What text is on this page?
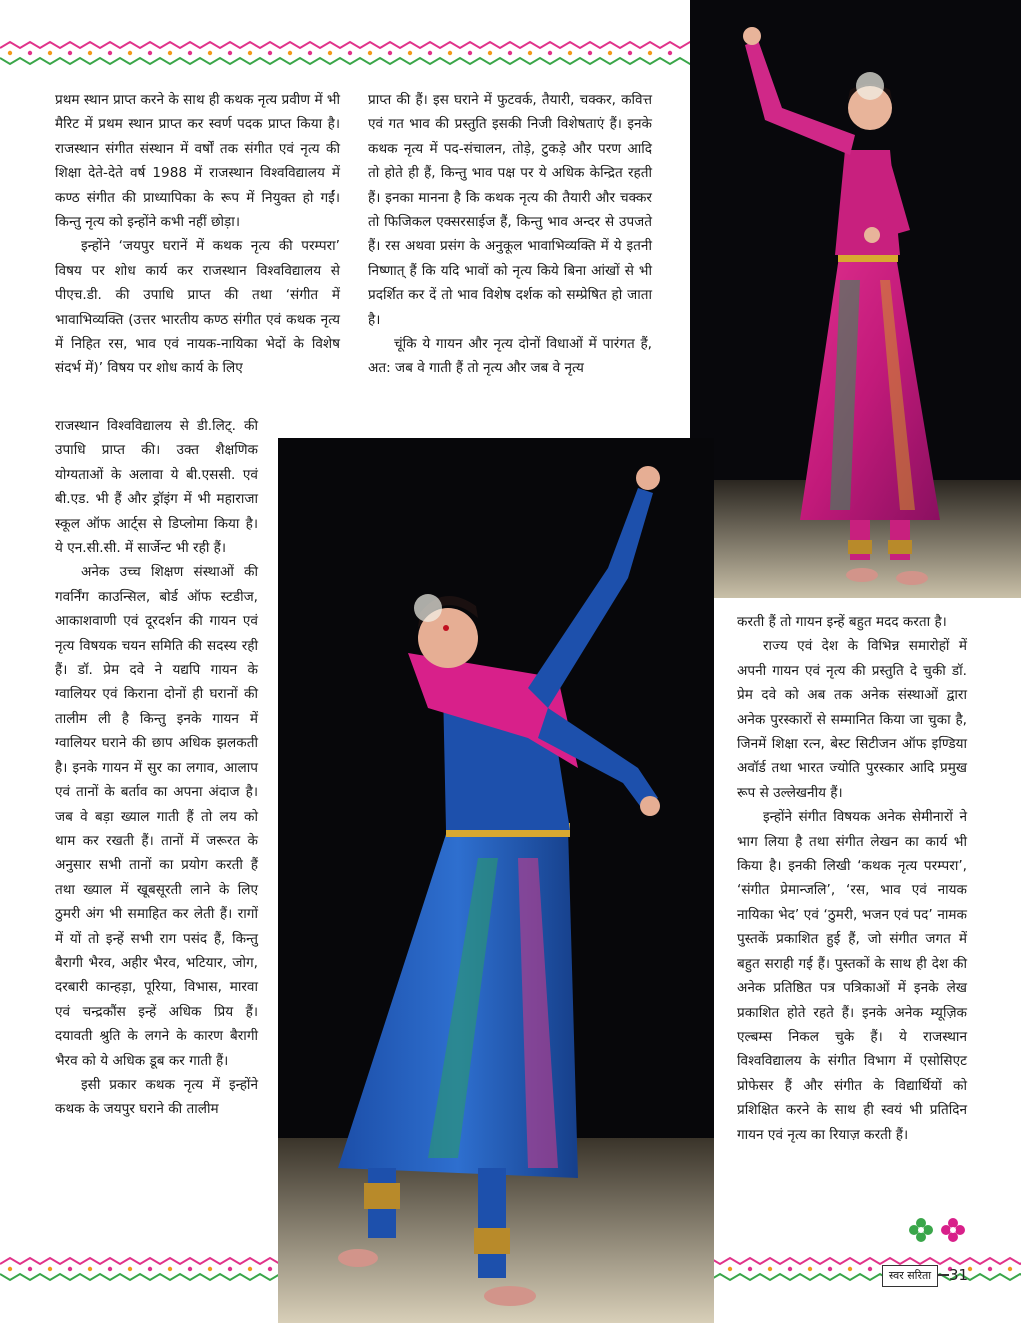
प्रथम स्थान प्राप्त करने के साथ ही कथक नृत्य प्रवीण में भी मैरिट में प्रथम स्थान प्राप्त कर स्वर्ण पदक प्राप्त किया है। राजस्थान संगीत संस्थान में वर्षों तक संगीत एवं नृत्य की शिक्षा देते-देते वर्ष 1988 में राजस्थान विश्वविद्यालय में कण्ठ संगीत की प्राध्यापिका के रूप में नियुक्त हो गईं। किन्तु नृत्य को इन्होंने कभी नहीं छोड़ा।

इन्होंने ‘जयपुर घरानें में कथक नृत्य की परम्परा’ विषय पर शोध कार्य कर राजस्थान विश्वविद्यालय से पीएच.डी. की उपाधि प्राप्त की तथा ‘संगीत में भावाभिव्यक्ति (उत्तर भारतीय कण्ठ संगीत एवं कथक नृत्य में निहित रस, भाव एवं नायक-नायिका भेदों के विशेष संदर्भ में)’ विषय पर शोध कार्य के लिए

राजस्थान विश्वविद्यालय से डी.लिट्. की उपाधि प्राप्त की। उक्त शैक्षणिक योग्यताओं के अलावा ये बी.एससी. एवं बी.एड. भी हैं और ड्रॉइंग में भी महाराजा स्कूल ऑफ आर्ट्स से डिप्लोमा किया है। ये एन.सी.सी. में सार्जेन्ट भी रही हैं।

अनेक उच्च शिक्षण संस्थाओं की गवर्निंग काउन्सिल, बोर्ड ऑफ स्टडीज, आकाशवाणी एवं दूरदर्शन की गायन एवं नृत्य विषयक चयन समिति की सदस्य रही हैं। डॉ. प्रेम दवे ने यद्यपि गायन के ग्वालियर एवं किराना दोनों ही घरानों की तालीम ली है किन्तु इनके गायन में ग्वालियर घराने की छाप अधिक झलकती है। इनके गायन में सुर का लगाव, आलाप एवं तानों के बर्ताव का अपना अंदाज है। जब वे बड़ा ख्याल गाती हैं तो लय को थाम कर रखती हैं। तानों में जरूरत के अनुसार सभी तानों का प्रयोग करती हैं तथा ख्याल में खूबसूरती लाने के लिए ठुमरी अंग भी समाहित कर लेती हैं। रागों में यों तो इन्हें सभी राग पसंद हैं, किन्तु बैरागी भैरव, अहीर भैरव, भटियार, जोग, दरबारी कान्हड़ा, पूरिया, विभास, मारवा एवं चन्द्रकौंस इन्हें अधिक प्रिय हैं। दयावती श्रुति के लगने के कारण बैरागी भैरव को ये अधिक डूब कर गाती हैं।

इसी प्रकार कथक नृत्य में इन्होंने कथक के जयपुर घराने की तालीम

प्राप्त की हैं। इस घराने में फुटवर्क, तैयारी, चक्कर, कवित्त एवं गत भाव की प्रस्तुति इसकी निजी विशेषताएं हैं। इनके कथक नृत्य में पद-संचालन, तोड़े, टुकड़े और परण आदि तो होते ही हैं, किन्तु भाव पक्ष पर ये अधिक केन्द्रित रहती हैं। इनका मानना है कि कथक नृत्य की तैयारी और चक्कर तो फिजिकल एक्सरसाईज हैं, किन्तु भाव अन्दर से उपजते हैं। रस अथवा प्रसंग के अनुकूल भावाभिव्यक्ति में ये इतनी निष्णात् हैं कि यदि भावों को नृत्य किये बिना आंखों से भी प्रदर्शित कर दें तो भाव विशेष दर्शक को सम्प्रेषित हो जाता है।

चूंकि ये गायन और नृत्य दोनों विधाओं में पारंगत हैं, अत: जब वे गाती हैं तो नृत्य और जब वे नृत्य

करती हैं तो गायन इन्हें बहुत मदद करता है।

राज्य एवं देश के विभिन्न समारोहों में अपनी गायन एवं नृत्य की प्रस्तुति दे चुकी डॉ. प्रेम दवे को अब तक अनेक संस्थाओं द्वारा अनेक पुरस्कारों से सम्मानित किया जा चुका है, जिनमें शिक्षा रत्न, बेस्ट सिटीजन ऑफ इण्डिया अवॉर्ड तथा भारत ज्योति पुरस्कार आदि प्रमुख रूप से उल्लेखनीय हैं।

इन्होंने संगीत विषयक अनेक सेमीनारों ने भाग लिया है तथा संगीत लेखन का कार्य भी किया है। इनकी लिखी ‘कथक नृत्य परम्परा’, ‘संगीत प्रेमान्जलि’, ‘रस, भाव एवं नायक नायिका भेद’ एवं ‘ठुमरी, भजन एवं पद’ नामक पुस्तकें प्रकाशित हुई हैं, जो संगीत जगत में बहुत सराही गई हैं। पुस्तकों के साथ ही देश की अनेक प्रतिष्ठित पत्र पत्रिकाओं में इनके लेख प्रकाशित होते रहते हैं। इनके अनेक म्यूज़िक एल्बम्स निकल चुके हैं। ये राजस्थान विश्वविद्यालय के संगीत विभाग में एसोसिएट प्रोफेसर हैं और संगीत के विद्यार्थियों को प्रशिक्षित करने के साथ ही स्वयं भी प्रतिदिन गायन एवं नृत्य का रियाज़ करती हैं।

स्वर सरिता	31
